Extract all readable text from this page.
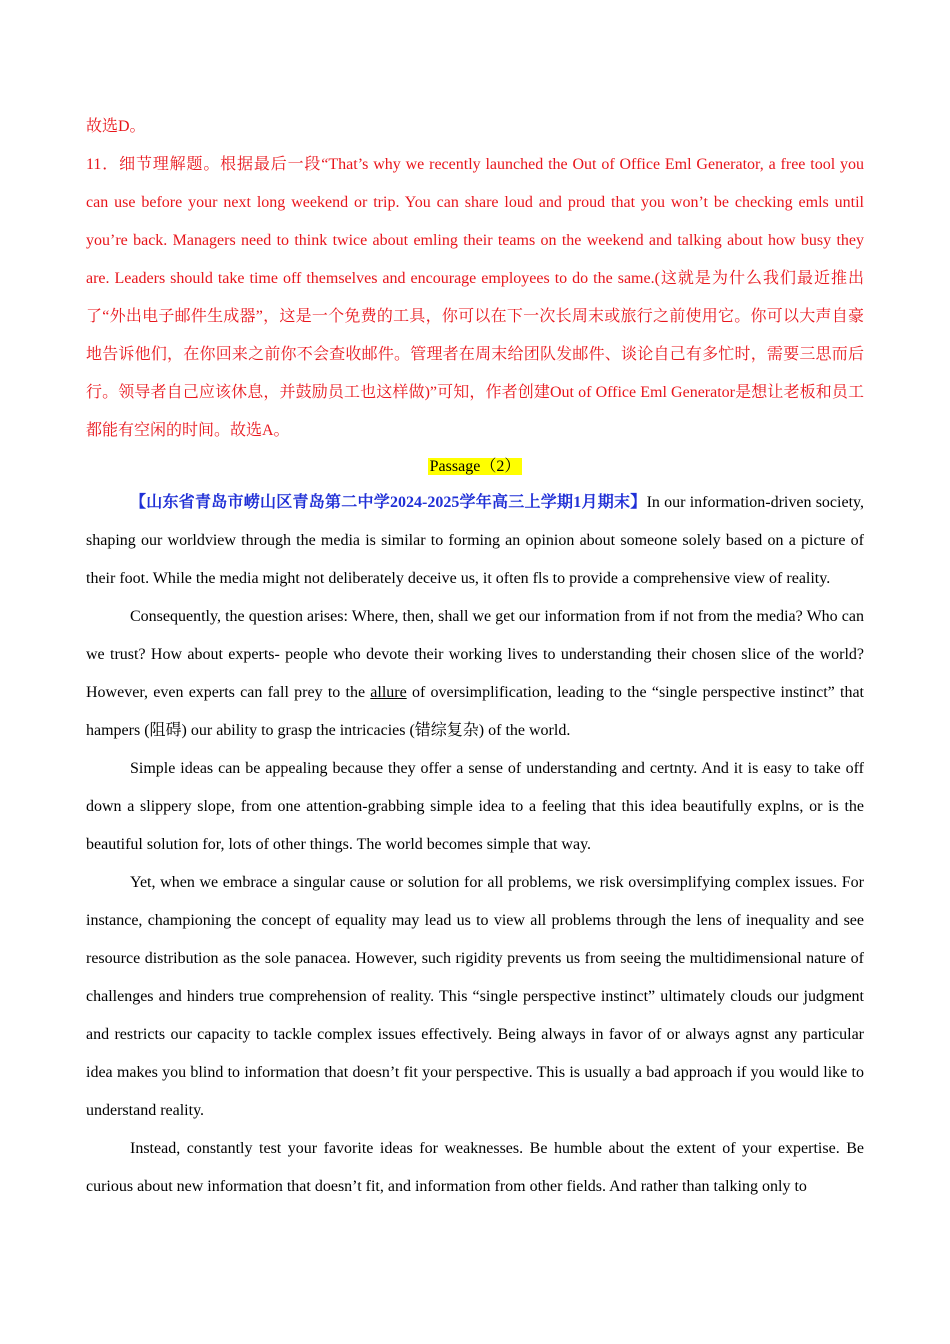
故选D。

11．细节理解题。根据最后一段“That’s why we recently launched the Out of Office Eml Generator, a free tool you can use before your next long weekend or trip. You can share loud and proud that you won’t be checking emls until you’re back. Managers need to think twice about emling their teams on the weekend and talking about how busy they are. Leaders should take time off themselves and encourage employees to do the same.(这就是为什么我们最近推出了“外出电子邮件生成器”，这是一个免费的工具，你可以在下一次长周末或旅行之前使用它。你可以大声自豪地告诉他们，在你回来之前你不会查收邮件。管理者在周末给团队发邮件、谈论自己有多忙时，需要三思而后行。领导者自己应该休息，并鼓励员工也这样做)”可知，作者创建Out of Office Eml Generator是想让老板和员工都能有空闲的时间。故选A。

Passage（2）

【山东省青岛市崂山区青岛第二中学2024-2025学年高三上学期1月期末】In our information-driven society, shaping our worldview through the media is similar to forming an opinion about someone solely based on a picture of their foot. While the media might not deliberately deceive us, it often fls to provide a comprehensive view of reality.

Consequently, the question arises: Where, then, shall we get our information from if not from the media? Who can we trust? How about experts- people who devote their working lives to understanding their chosen slice of the world? However, even experts can fall prey to the allure of oversimplification, leading to the “single perspective instinct” that hampers (阻碍) our ability to grasp the intricacies (错综复杂) of the world.

Simple ideas can be appealing because they offer a sense of understanding and certnty. And it is easy to take off down a slippery slope, from one attention-grabbing simple idea to a feeling that this idea beautifully explns, or is the beautiful solution for, lots of other things. The world becomes simple that way.

Yet, when we embrace a singular cause or solution for all problems, we risk oversimplifying complex issues. For instance, championing the concept of equality may lead us to view all problems through the lens of inequality and see resource distribution as the sole panacea. However, such rigidity prevents us from seeing the multidimensional nature of challenges and hinders true comprehension of reality. This “single perspective instinct” ultimately clouds our judgment and restricts our capacity to tackle complex issues effectively. Being always in favor of or always agnst any particular idea makes you blind to information that doesn’t fit your perspective. This is usually a bad approach if you would like to understand reality.

Instead, constantly test your favorite ideas for weaknesses. Be humble about the extent of your expertise. Be curious about new information that doesn’t fit, and information from other fields. And rather than talking only to
